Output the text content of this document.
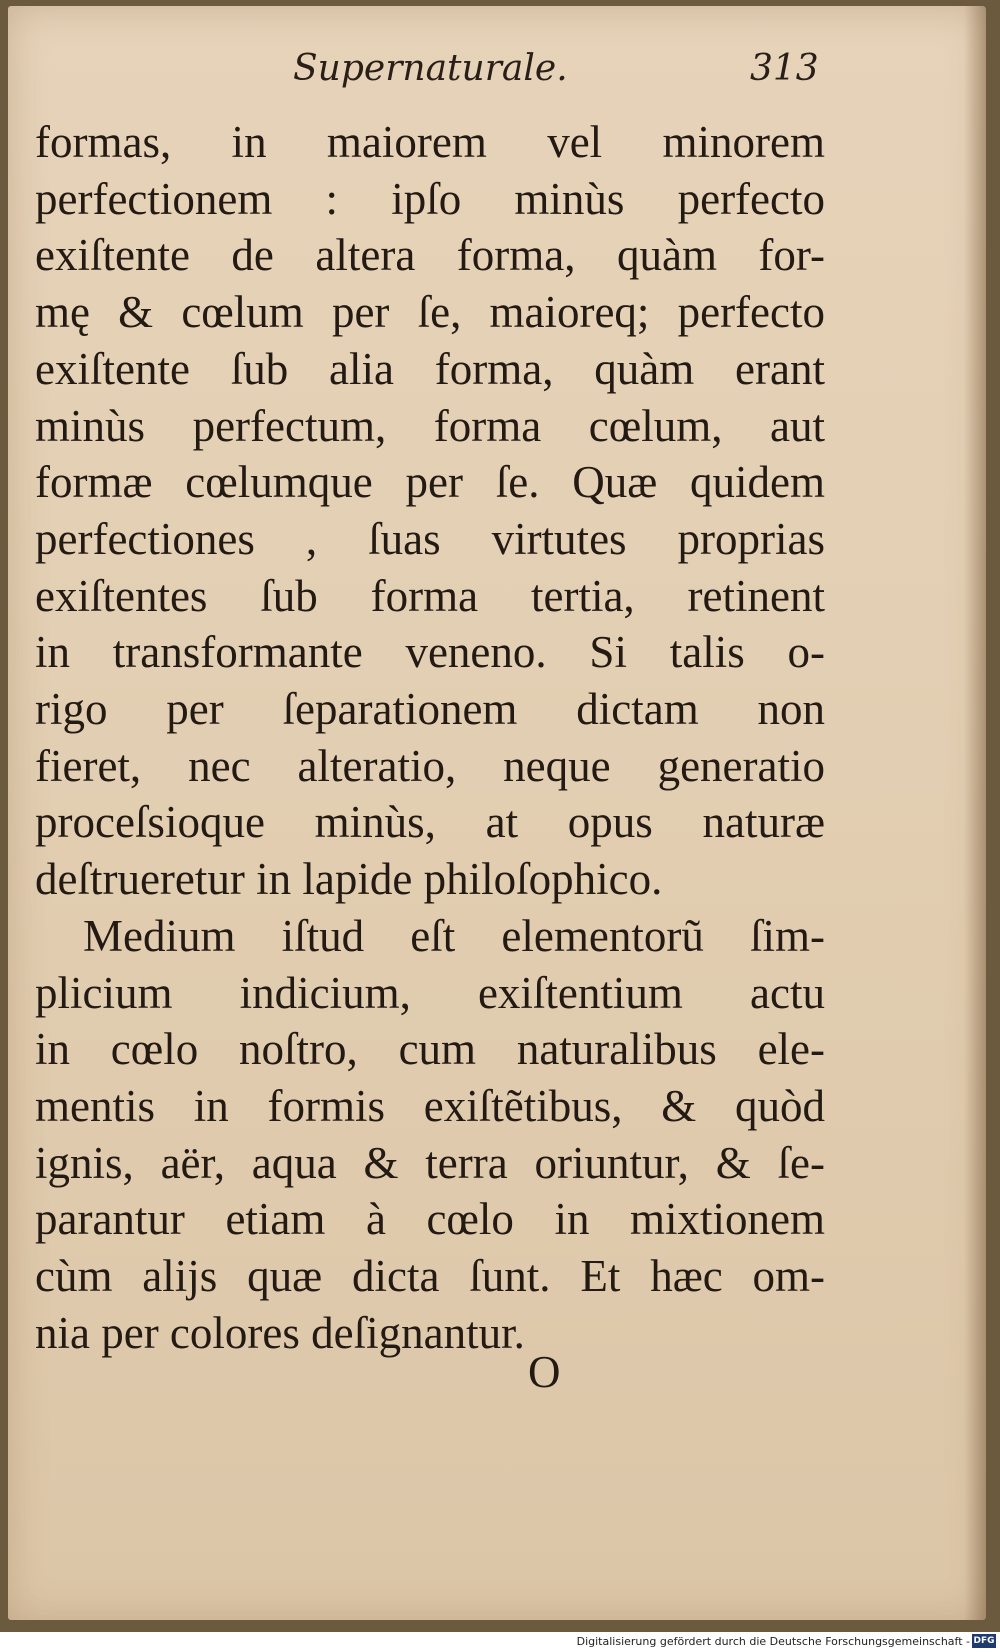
Supernaturale.	313
formas, in maiorem vel minorem
perfectionem : ipſo minùs perfecto
exiſtente de altera forma, quàm for-
mę & cœlum per ſe, maioreq; perfecto
exiſtente ſub alia forma, quàm erant
minùs perfectum, forma cœlum, aut
formæ cœlumque per ſe. Quæ quidem
perfectiones , ſuas virtutes proprias
exiſtentes ſub forma tertia, retinent
in transformante veneno. Si talis o-
rigo per ſeparationem dictam non
fieret, nec alteratio, neque generatio
proceſsioque minùs, at opus naturæ
deſtrueretur in lapide philoſophico.
Medium iſtud eſt elementorũ ſim-
plicium indicium, exiſtentium actu
in cœlo noſtro, cum naturalibus ele-
mentis in formis exiſtẽtibus, & quòd
ignis, aër, aqua & terra oriuntur, & ſe-
parantur etiam à cœlo in mixtionem
cùm alijs quæ dicta ſunt. Et hæc om-
nia per colores deſignantur.
O
Digitalisierung gefördert durch die Deutsche Forschungsgemeinschaft - DFG
